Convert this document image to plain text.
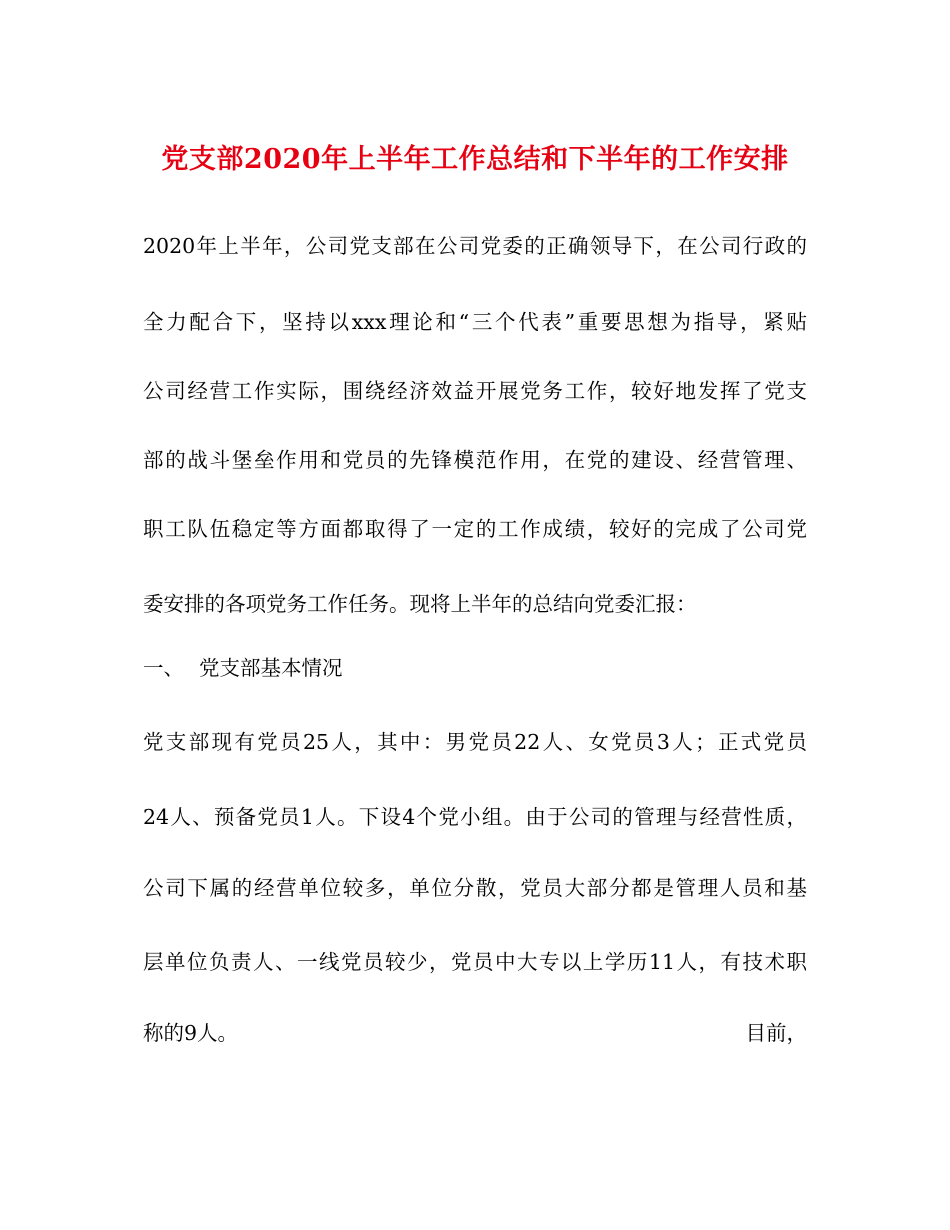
党支部2020年上半年工作总结和下半年的工作安排
2020年上半年，公司党支部在公司党委的正确领导下，在公司行政的
全力配合下，坚持以xxx理论和“三个代表”重要思想为指导，紧贴
公司经营工作实际，围绕经济效益开展党务工作，较好地发挥了党支
部的战斗堡垒作用和党员的先锋模范作用，在党的建设、经营管理、
职工队伍稳定等方面都取得了一定的工作成绩，较好的完成了公司党
委安排的各项党务工作任务。现将上半年的总结向党委汇报：
一、 党支部基本情况
党支部现有党员25人，其中：男党员22人、女党员3人；正式党员
24人、预备党员1人。下设4个党小组。由于公司的管理与经营性质，
公司下属的经营单位较多，单位分散，党员大部分都是管理人员和基
层单位负责人、一线党员较少，党员中大专以上学历11人，有技术职
称的9人。	目前，
